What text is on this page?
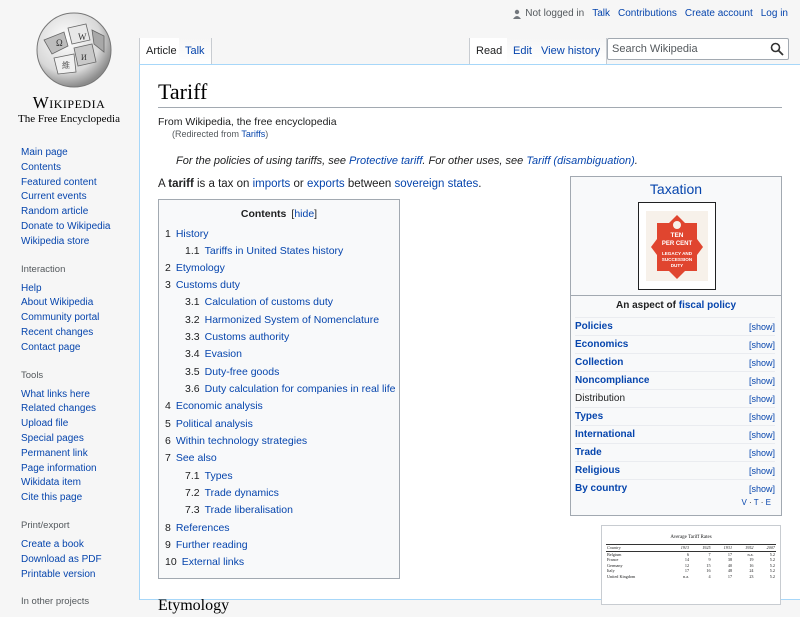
Ω
W
И
維
Wikipedia
The Free Encyclopedia
Not logged in Talk Contributions Create account Log in
Article Talk	Read Edit View history
Search Wikipedia
Main page
Contents
Featured content
Current events
Random article
Donate to Wikipedia
Wikipedia store
Interaction
Help
About Wikipedia
Community portal
Recent changes
Contact page
Tools
What links here
Related changes
Upload file
Special pages
Permanent link
Page information
Wikidata item
Cite this page
Print/export
Create a book
Download as PDF
Printable version
In other projects
Tariff
From Wikipedia, the free encyclopedia
(Redirected from Tariffs)
For the policies of using tariffs, see Protective tariff. For other uses, see Tariff (disambiguation).
A tariff is a tax on imports or exports between sovereign states.
Contents [hide]
1 History
1.1 Tariffs in United States history
2 Etymology
3 Customs duty
3.1 Calculation of customs duty
3.2 Harmonized System of Nomenclature
3.3 Customs authority
3.4 Evasion
3.5 Duty-free goods
3.6 Duty calculation for companies in real life
4 Economic analysis
5 Political analysis
6 Within technology strategies
7 See also
7.1 Types
7.2 Trade dynamics
7.3 Trade liberalisation
8 References
9 Further reading
10 External links
Taxation
TEN
PER CENT
LEGACY AND
SUCCESSION
DUTY
An aspect of fiscal policy
Policies	[show]
Economics	[show]
Collection	[show]
Noncompliance	[show]
Distribution	[show]
Types	[show]
International	[show]
Trade	[show]
Religious	[show]
By country	[show]
V · T · E
Average Tariff Rates
Country	1913	1925	1931	1952	2007
Belgium	6	7	17	n.a.	5.2
France	14	9	38	19	5.2
Germany	12	15	40	16	5.2
Italy	17	16	48	24	5.2
United Kingdom	n.a.	4	17	23	5.2
Etymology
